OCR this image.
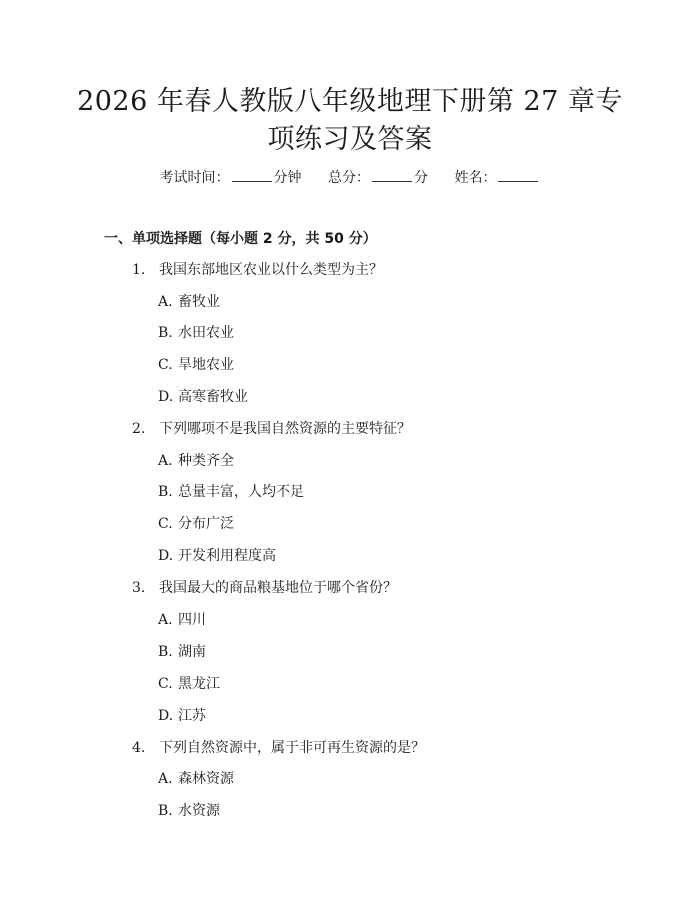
2026 年春人教版八年级地理下册第 27 章专
项练习及答案
考试时间：	分钟 总分：	分 姓名：
一、单项选择题（每小题 2 分，共 50 分）
1. 我国东部地区农业以什么类型为主？
A. 畜牧业
B. 水田农业
C. 旱地农业
D. 高寒畜牧业
2. 下列哪项不是我国自然资源的主要特征？
A. 种类齐全
B. 总量丰富，人均不足
C. 分布广泛
D. 开发利用程度高
3. 我国最大的商品粮基地位于哪个省份？
A. 四川
B. 湖南
C. 黑龙江
D. 江苏
4. 下列自然资源中，属于非可再生资源的是？
A. 森林资源
B. 水资源
